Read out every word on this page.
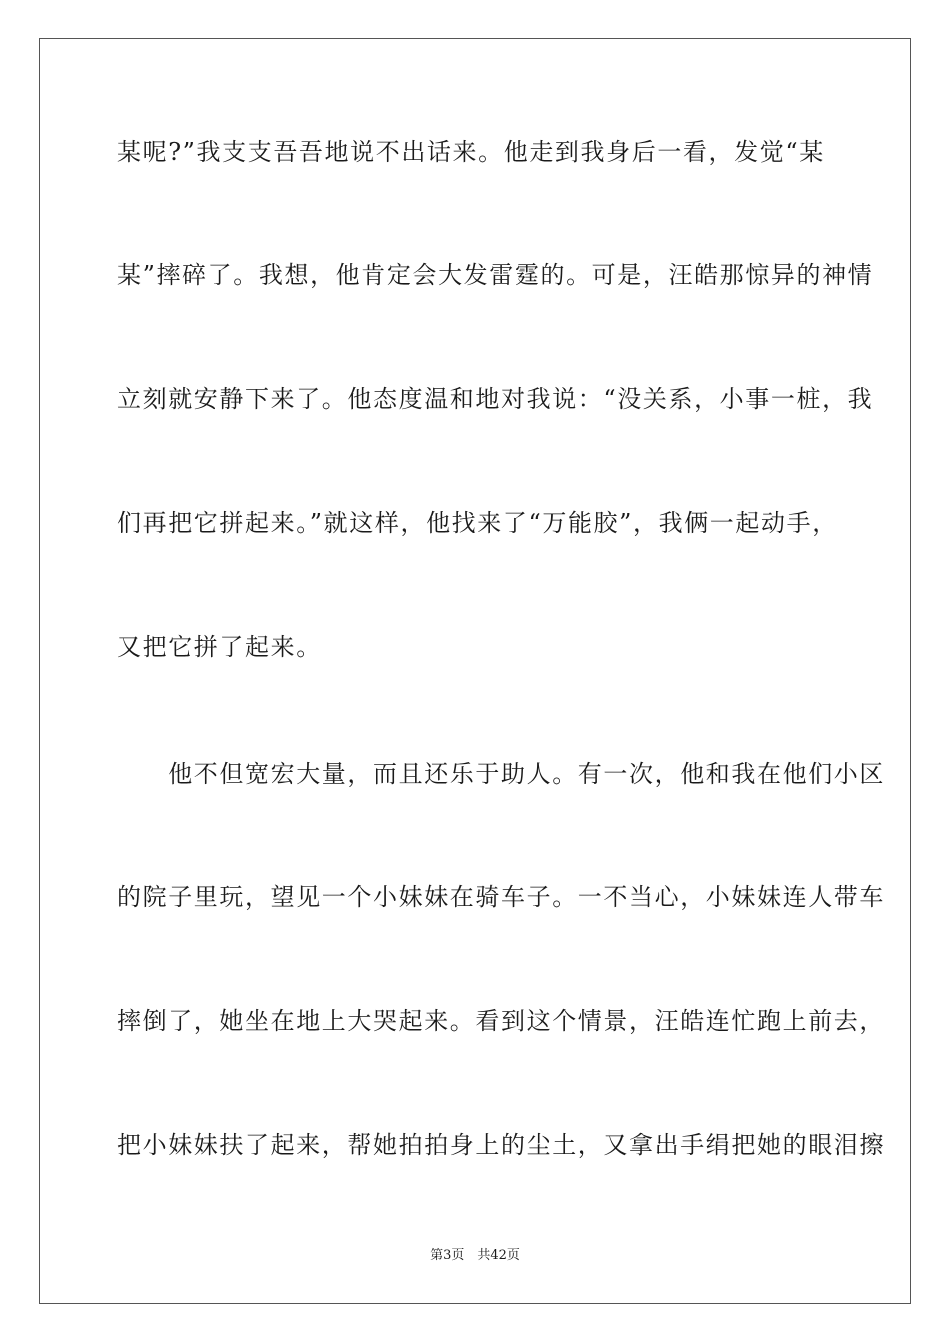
某呢?”我支支吾吾地说不出话来。他走到我身后一看，发觉“某
某”摔碎了。我想，他肯定会大发雷霆的。可是，汪皓那惊异的神情
立刻就安静下来了。他态度温和地对我说：“没关系，小事一桩，我
们再把它拼起来。”就这样，他找来了“万能胶”，我俩一起动手，
又把它拼了起来。
　　他不但宽宏大量，而且还乐于助人。有一次，他和我在他们小区
的院子里玩，望见一个小妹妹在骑车子。一不当心，小妹妹连人带车
摔倒了，她坐在地上大哭起来。看到这个情景，汪皓连忙跑上前去，
把小妹妹扶了起来，帮她拍拍身上的尘土，又拿出手绢把她的眼泪擦
第3页　共42页
